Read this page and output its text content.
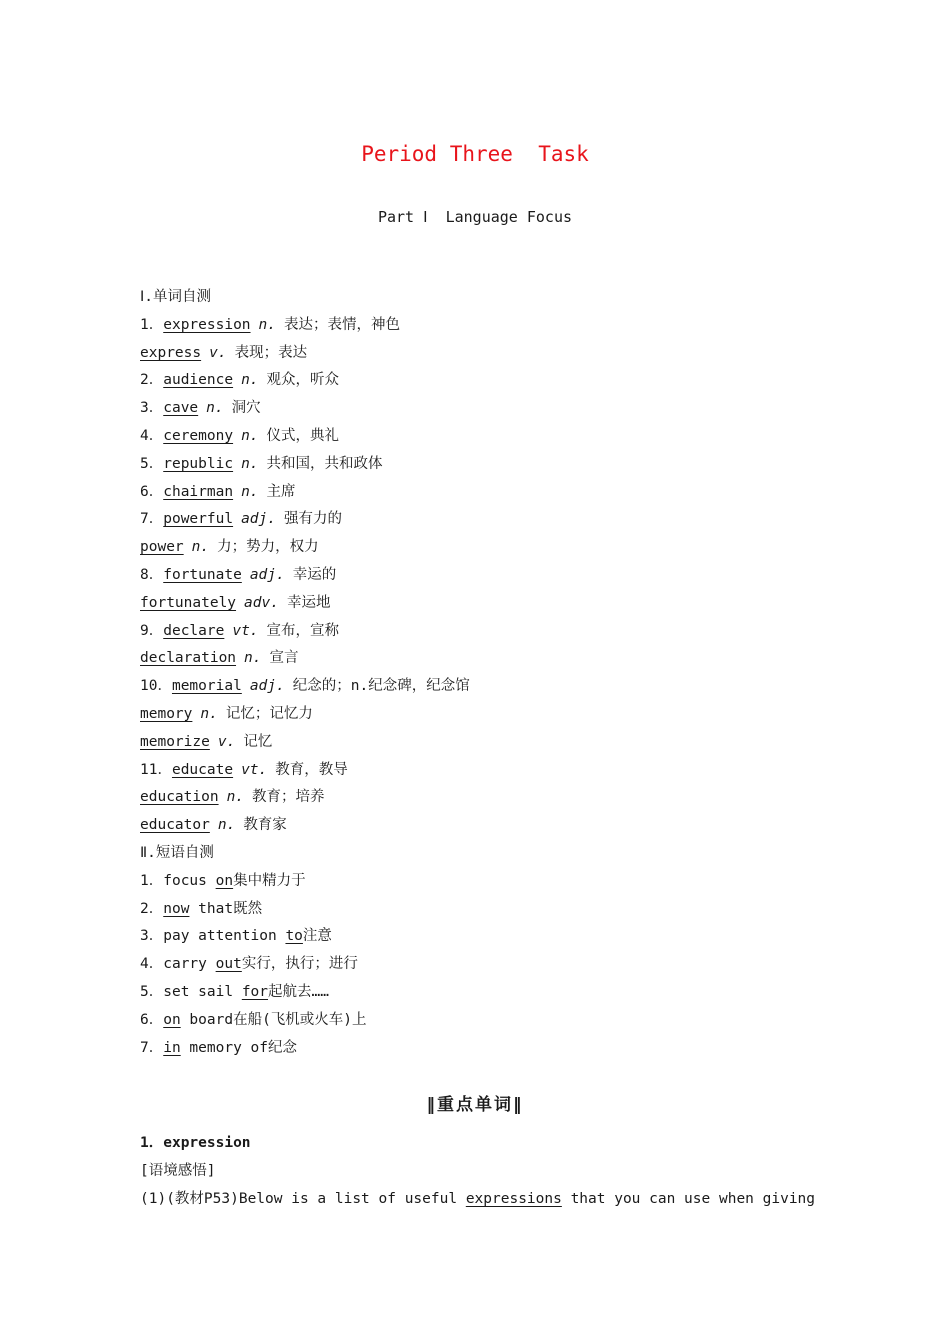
Period Three  Task
Part Ⅰ  Language Focus
Ⅰ.单词自测
1．expression n. 表达；表情，神色
express v. 表现；表达
2．audience n. 观众，听众
3．cave n. 洞穴
4．ceremony n. 仪式，典礼
5．republic n. 共和国，共和政体
6．chairman n. 主席
7．powerful adj. 强有力的
power n. 力；势力，权力
8．fortunate adj. 幸运的
fortunately adv. 幸运地
9．declare vt. 宣布，宣称
declaration n. 宣言
10．memorial adj. 纪念的；n.纪念碑，纪念馆
memory n. 记忆；记忆力
memorize v. 记忆
11．educate vt. 教育，教导
education n. 教育；培养
educator n. 教育家
Ⅱ.短语自测
1．focus on集中精力于
2．now that既然
3．pay attention to注意
4．carry out实行，执行；进行
5．set sail for起航去……
6．on board在船(飞机或火车)上
7．in memory of纪念
‖重点单词‖
1．expression
[语境感悟]
(1)(教材P53)Below is a list of useful expressions that you can use when giving
